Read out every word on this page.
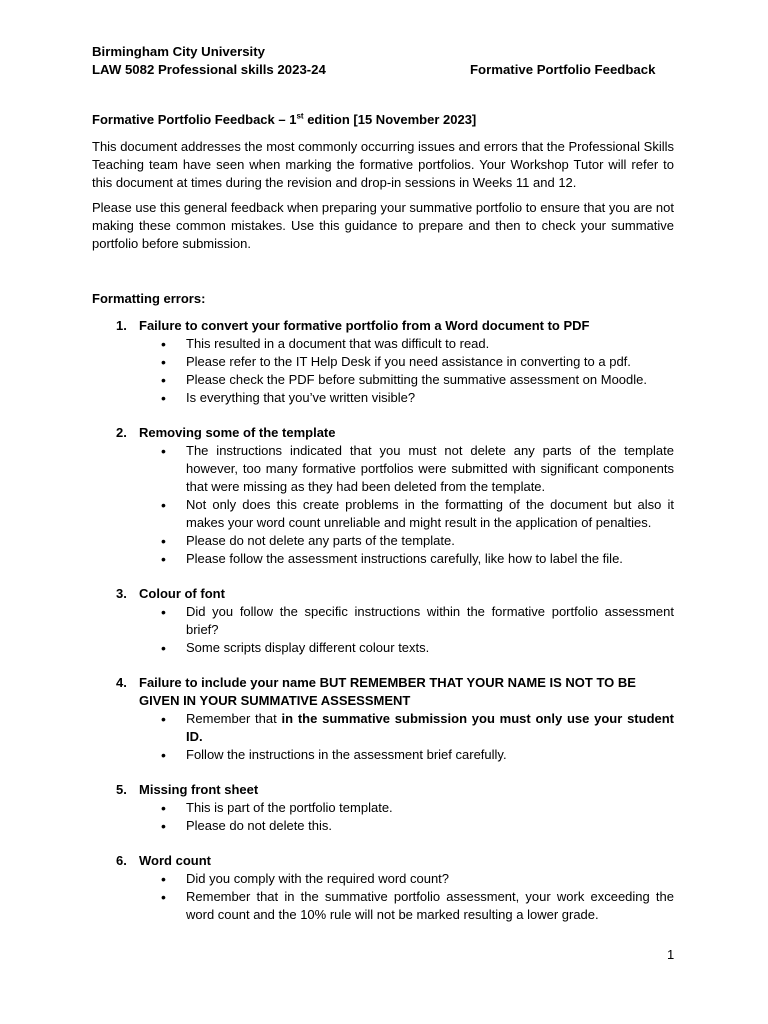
Birmingham City University
LAW 5082 Professional skills 2023-24	Formative Portfolio Feedback
Formative Portfolio Feedback – 1st edition [15 November 2023]

This document addresses the most commonly occurring issues and errors that the Professional Skills Teaching team have seen when marking the formative portfolios. Your Workshop Tutor will refer to this document at times during the revision and drop-in sessions in Weeks 11 and 12.

Please use this general feedback when preparing your summative portfolio to ensure that you are not making these common mistakes. Use this guidance to prepare and then to check your summative portfolio before submission.

Formatting errors:
1. Failure to convert your formative portfolio from a Word document to PDF
• This resulted in a document that was difficult to read.
• Please refer to the IT Help Desk if you need assistance in converting to a pdf.
• Please check the PDF before submitting the summative assessment on Moodle.
• Is everything that you’ve written visible?
2. Removing some of the template
• The instructions indicated that you must not delete any parts of the template however, too many formative portfolios were submitted with significant components that were missing as they had been deleted from the template.
• Not only does this create problems in the formatting of the document but also it makes your word count unreliable and might result in the application of penalties.
• Please do not delete any parts of the template.
• Please follow the assessment instructions carefully, like how to label the file.
3. Colour of font
• Did you follow the specific instructions within the formative portfolio assessment brief?
• Some scripts display different colour texts.
4. Failure to include your name BUT REMEMBER THAT YOUR NAME IS NOT TO BE GIVEN IN YOUR SUMMATIVE ASSESSMENT
• Remember that in the summative submission you must only use your student ID.
• Follow the instructions in the assessment brief carefully.
5. Missing front sheet
• This is part of the portfolio template.
• Please do not delete this.
6. Word count
• Did you comply with the required word count?
• Remember that in the summative portfolio assessment, your work exceeding the word count and the 10% rule will not be marked resulting a lower grade.
1
